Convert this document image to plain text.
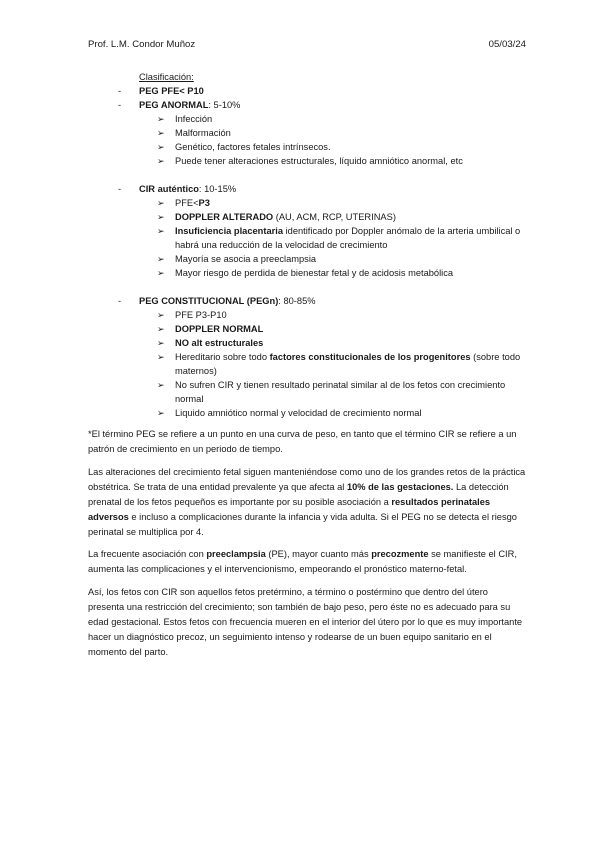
Prof. L.M. Condor Muñoz	05/03/24
Clasificación:
- PEG PFE< P10
- PEG ANORMAL: 5-10%
➢ Infección
➢ Malformación
➢ Genético, factores fetales intrínsecos.
➢ Puede tener alteraciones estructurales, líquido amniótico anormal, etc
- CIR auténtico: 10-15%
➢ PFE<P3
➢ DOPPLER ALTERADO (AU, ACM, RCP, UTERINAS)
➢ Insuficiencia placentaria identificado por Doppler anómalo de la arteria umbilical o habrá una reducción de la velocidad de crecimiento
➢ Mayoría se asocia a preeclampsia
➢ Mayor riesgo de perdida de bienestar fetal y de acidosis metabólica
- PEG CONSTITUCIONAL (PEGn): 80-85%
➢ PFE P3-P10
➢ DOPPLER NORMAL
➢ NO alt estructurales
➢ Hereditario sobre todo factores constitucionales de los progenitores (sobre todo maternos)
➢ No sufren CIR y tienen resultado perinatal similar al de los fetos con crecimiento normal
➢ Liquido amniótico normal y velocidad de crecimiento normal

*El término PEG se refiere a un punto en una curva de peso, en tanto que el término CIR se refiere a un patrón de crecimiento en un periodo de tiempo.

Las alteraciones del crecimiento fetal siguen manteniéndose como uno de los grandes retos de la práctica obstétrica. Se trata de una entidad prevalente ya que afecta al 10% de las gestaciones. La detección prenatal de los fetos pequeños es importante por su posible asociación a resultados perinatales adversos e incluso a complicaciones durante la infancia y vida adulta. Si el PEG no se detecta el riesgo perinatal se multiplica por 4.

La frecuente asociación con preeclampsia (PE), mayor cuanto más precozmente se manifieste el CIR, aumenta las complicaciones y el intervencionismo, empeorando el pronóstico materno-fetal.

Así, los fetos con CIR son aquellos fetos pretérmino, a término o postérmino que dentro del útero presenta una restricción del crecimiento; son también de bajo peso, pero éste no es adecuado para su edad gestacional. Estos fetos con frecuencia mueren en el interior del útero por lo que es muy importante hacer un diagnóstico precoz, un seguimiento intenso y rodearse de un buen equipo sanitario en el momento del parto.
